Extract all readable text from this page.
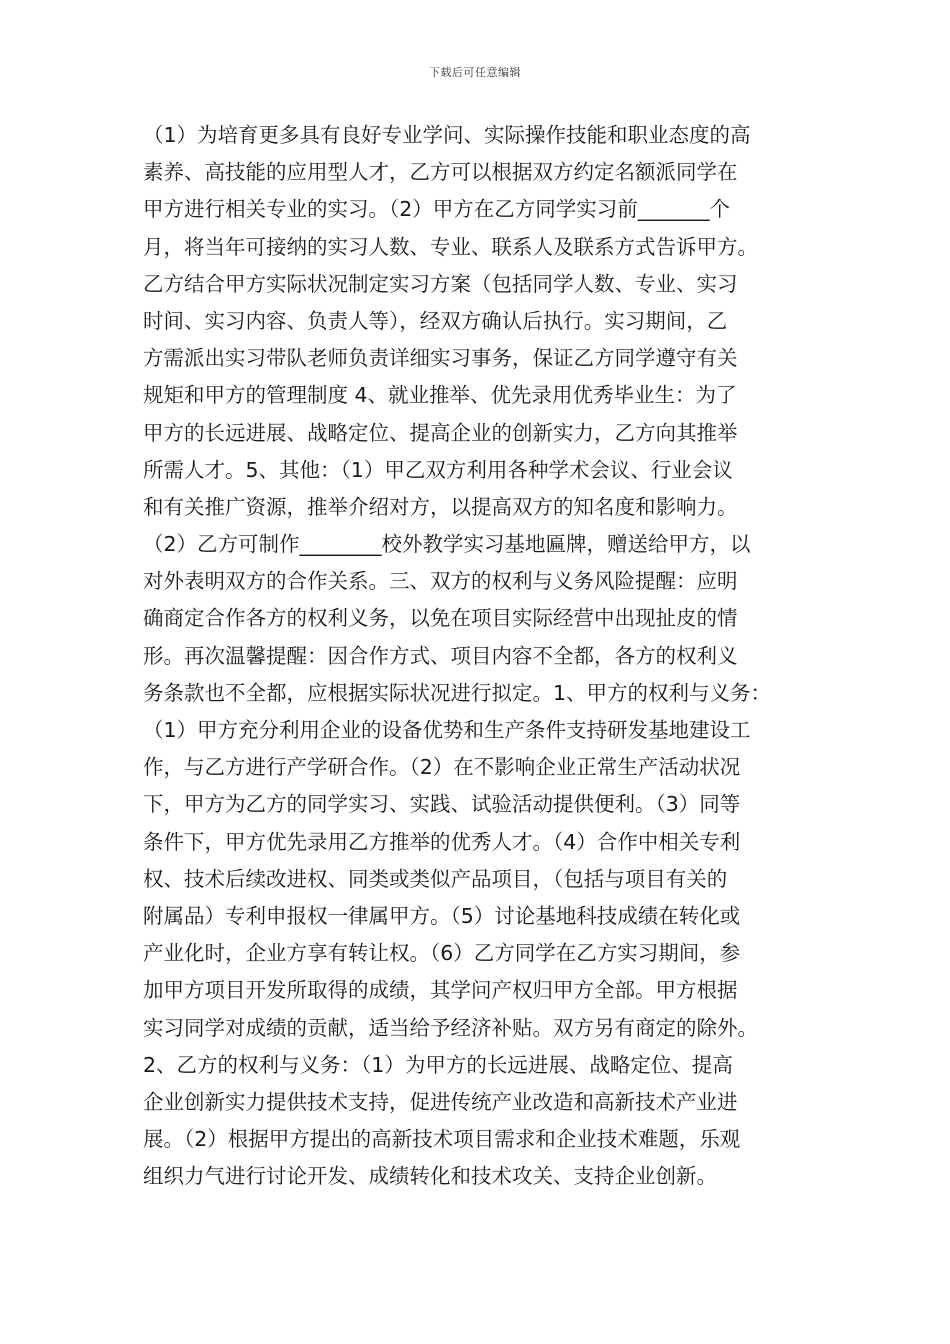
下载后可任意编辑
（1）为培育更多具有良好专业学问、实际操作技能和职业态度的高
素养、高技能的应用型人才，乙方可以根据双方约定名额派同学在
甲方进行相关专业的实习。（2）甲方在乙方同学实习前_______个
月，将当年可接纳的实习人数、专业、联系人及联系方式告诉甲方。
乙方结合甲方实际状况制定实习方案（包括同学人数、专业、实习
时间、实习内容、负责人等），经双方确认后执行。实习期间，乙
方需派出实习带队老师负责详细实习事务，保证乙方同学遵守有关
规矩和甲方的管理制度 4、就业推举、优先录用优秀毕业生：为了
甲方的长远进展、战略定位、提高企业的创新实力，乙方向其推举
所需人才。5、其他：（1）甲乙双方利用各种学术会议、行业会议
和有关推广资源，推举介绍对方，以提高双方的知名度和影响力。
（2）乙方可制作________校外教学实习基地匾牌，赠送给甲方，以
对外表明双方的合作关系。三、双方的权利与义务风险提醒：应明
确商定合作各方的权利义务，以免在项目实际经营中出现扯皮的情
形。再次温馨提醒：因合作方式、项目内容不全都，各方的权利义
务条款也不全都，应根据实际状况进行拟定。1、甲方的权利与义务：
（1）甲方充分利用企业的设备优势和生产条件支持研发基地建设工
作，与乙方进行产学研合作。（2）在不影响企业正常生产活动状况
下，甲方为乙方的同学实习、实践、试验活动提供便利。（3）同等
条件下，甲方优先录用乙方推举的优秀人才。（4）合作中相关专利
权、技术后续改进权、同类或类似产品项目，（包括与项目有关的
附属品）专利申报权一律属甲方。（5）讨论基地科技成绩在转化或
产业化时，企业方享有转让权。（6）乙方同学在乙方实习期间，参
加甲方项目开发所取得的成绩，其学问产权归甲方全部。甲方根据
实习同学对成绩的贡献，适当给予经济补贴。双方另有商定的除外。
2、乙方的权利与义务：（1）为甲方的长远进展、战略定位、提高
企业创新实力提供技术支持，促进传统产业改造和高新技术产业进
展。（2）根据甲方提出的高新技术项目需求和企业技术难题，乐观
组织力气进行讨论开发、成绩转化和技术攻关、支持企业创新。
